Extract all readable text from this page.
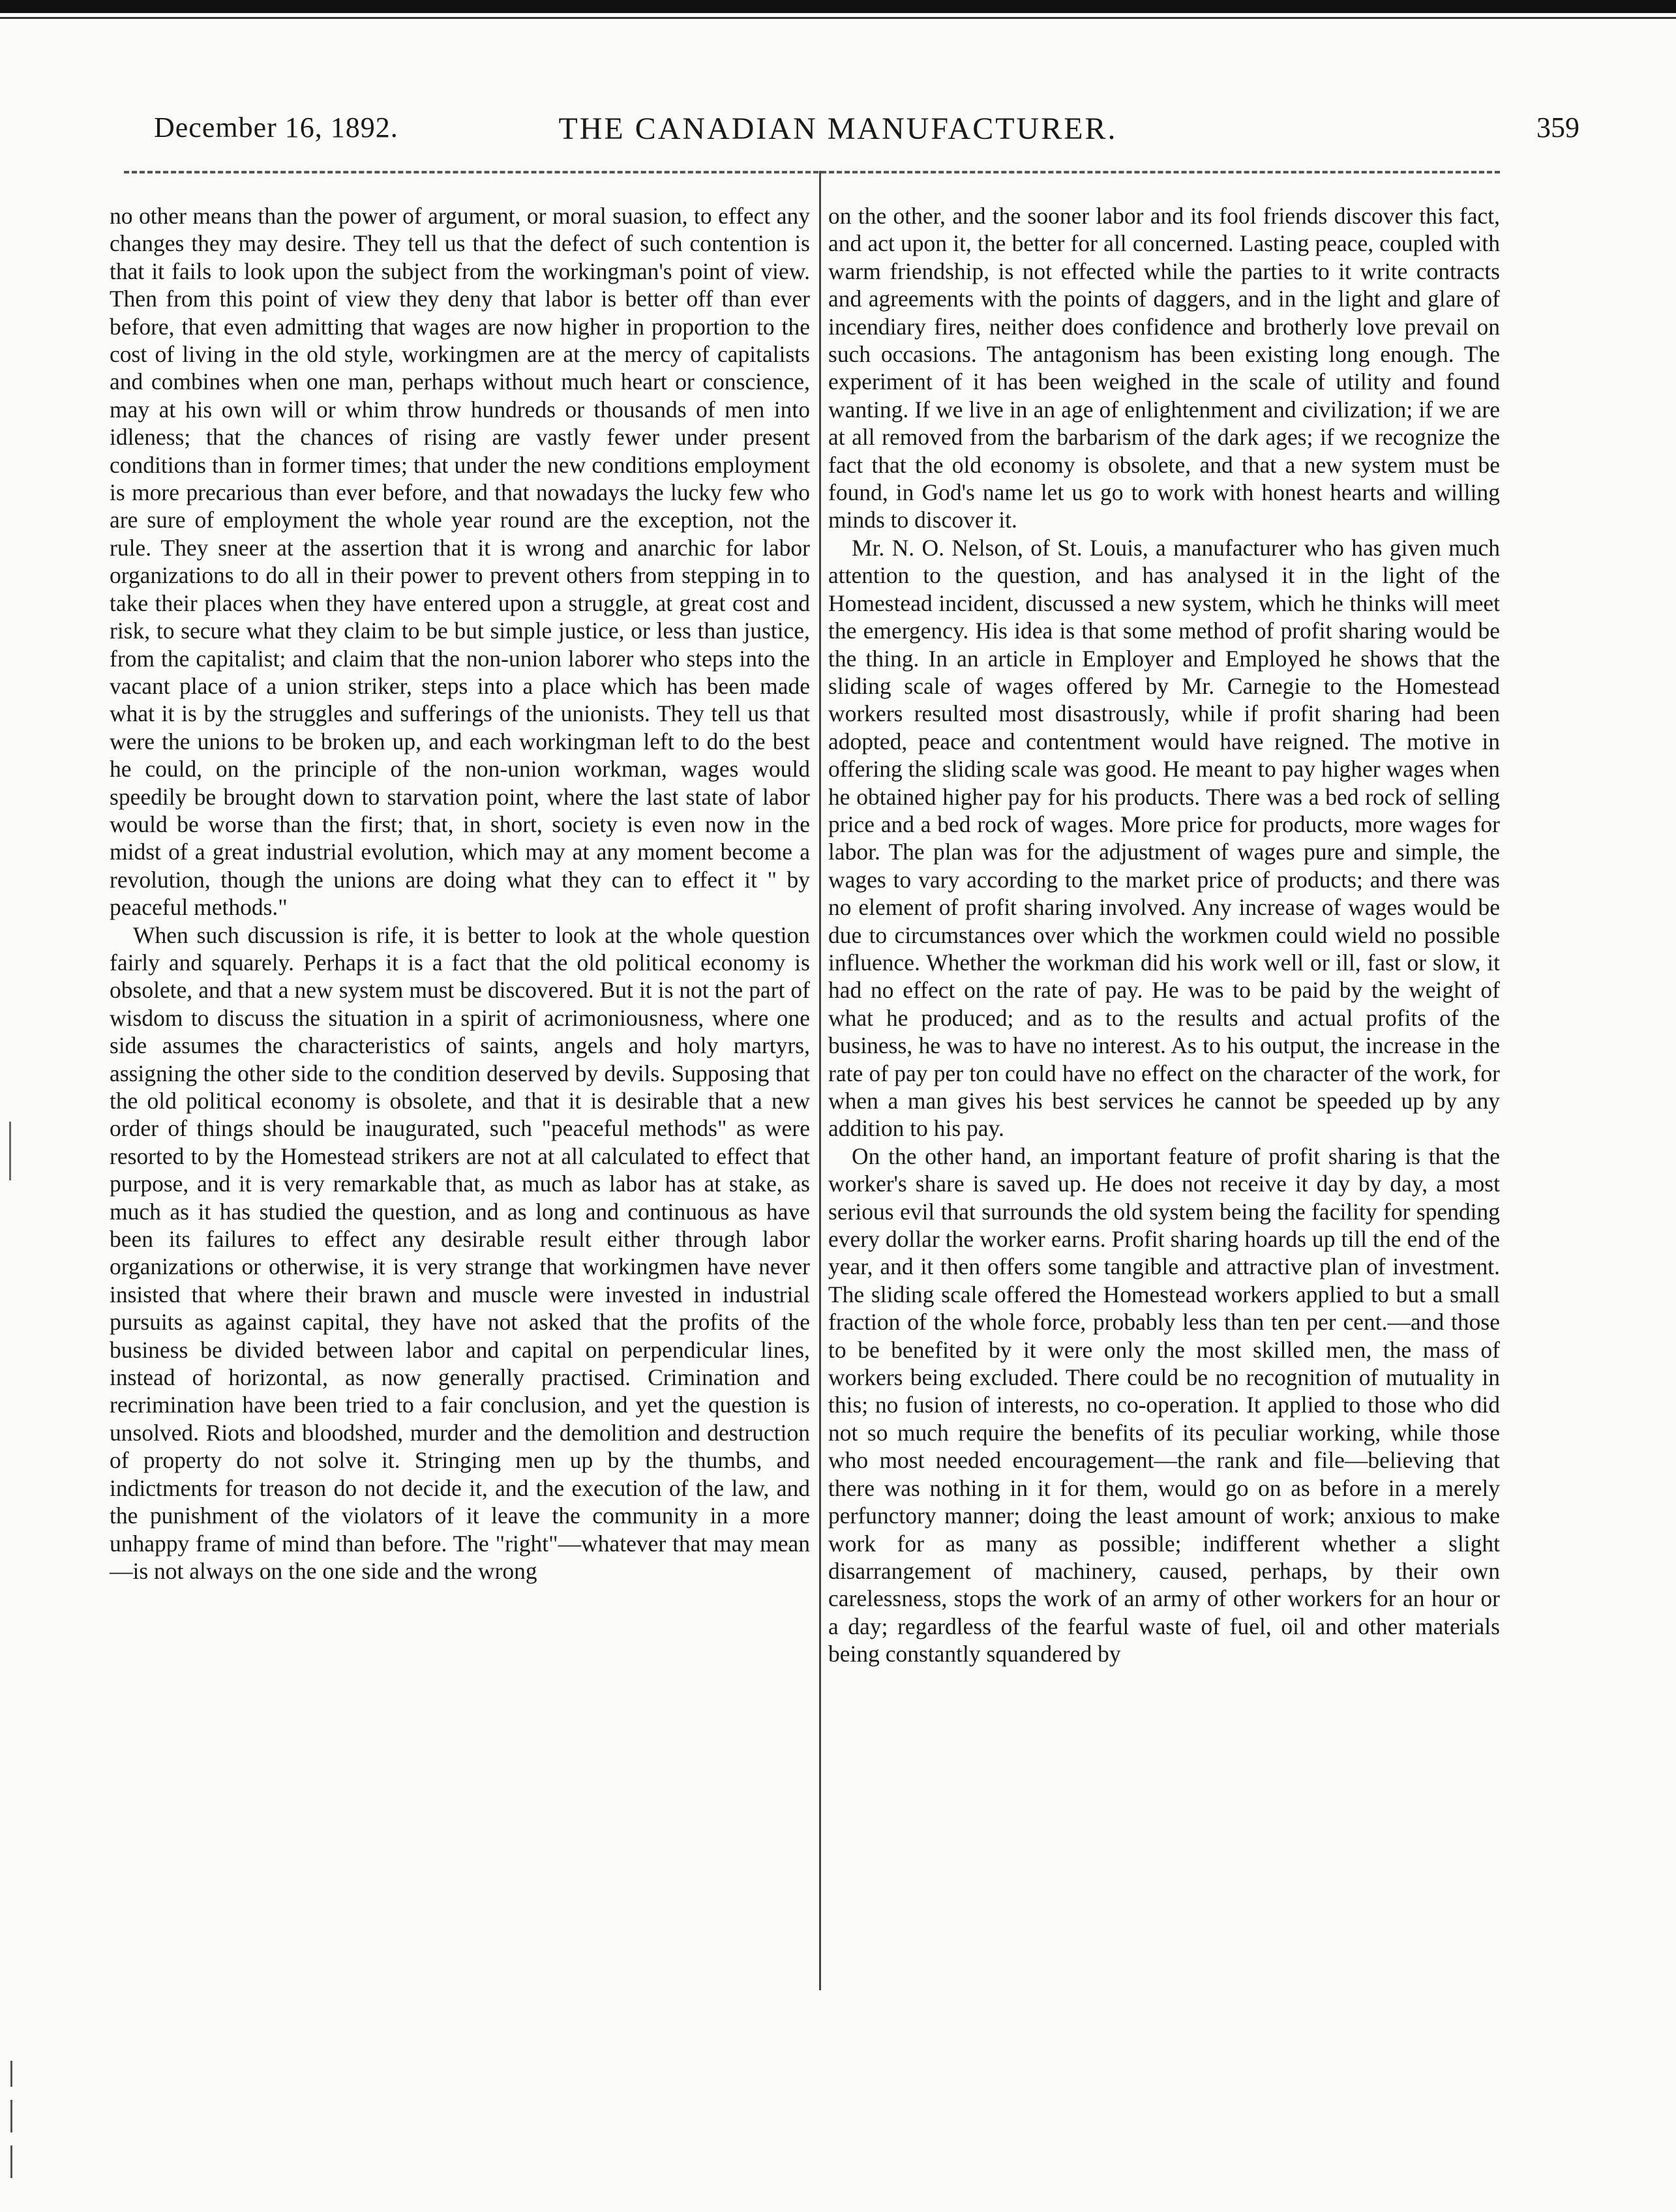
December 16, 1892.	THE CANADIAN MANUFACTURER.	359

no other means than the power of argument, or moral suasion, to effect any changes they may desire. They tell us that the defect of such contention is that it fails to look upon the subject from the workingman's point of view. Then from this point of view they deny that labor is better off than ever before, that even admitting that wages are now higher in proportion to the cost of living in the old style, workingmen are at the mercy of capitalists and combines when one man, perhaps without much heart or conscience, may at his own will or whim throw hundreds or thousands of men into idleness; that the chances of rising are vastly fewer under present conditions than in former times; that under the new conditions employment is more precarious than ever before, and that nowadays the lucky few who are sure of employment the whole year round are the exception, not the rule. They sneer at the assertion that it is wrong and anarchic for labor organizations to do all in their power to prevent others from stepping in to take their places when they have entered upon a struggle, at great cost and risk, to secure what they claim to be but simple justice, or less than justice, from the capitalist; and claim that the non-union laborer who steps into the vacant place of a union striker, steps into a place which has been made what it is by the struggles and sufferings of the unionists. They tell us that were the unions to be broken up, and each workingman left to do the best he could, on the principle of the non-union workman, wages would speedily be brought down to starvation point, where the last state of labor would be worse than the first; that, in short, society is even now in the midst of a great industrial evolution, which may at any moment become a revolution, though the unions are doing what they can to effect it " by peaceful methods."

When such discussion is rife, it is better to look at the whole question fairly and squarely. Perhaps it is a fact that the old political economy is obsolete, and that a new system must be discovered. But it is not the part of wisdom to discuss the situation in a spirit of acrimoniousness, where one side assumes the characteristics of saints, angels and holy martyrs, assigning the other side to the condition deserved by devils. Supposing that the old political economy is obsolete, and that it is desirable that a new order of things should be inaugurated, such "peaceful methods" as were resorted to by the Homestead strikers are not at all calculated to effect that purpose, and it is very remarkable that, as much as labor has at stake, as much as it has studied the question, and as long and continuous as have been its failures to effect any desirable result either through labor organizations or otherwise, it is very strange that workingmen have never insisted that where their brawn and muscle were invested in industrial pursuits as against capital, they have not asked that the profits of the business be divided between labor and capital on perpendicular lines, instead of horizontal, as now generally practised. Crimination and recrimination have been tried to a fair conclusion, and yet the question is unsolved. Riots and bloodshed, murder and the demolition and destruction of property do not solve it. Stringing men up by the thumbs, and indictments for treason do not decide it, and the execution of the law, and the punishment of the violators of it leave the community in a more unhappy frame of mind than before. The "right"—whatever that may mean—is not always on the one side and the wrong

on the other, and the sooner labor and its fool friends discover this fact, and act upon it, the better for all concerned. Lasting peace, coupled with warm friendship, is not effected while the parties to it write contracts and agreements with the points of daggers, and in the light and glare of incendiary fires, neither does confidence and brotherly love prevail on such occasions. The antagonism has been existing long enough. The experiment of it has been weighed in the scale of utility and found wanting. If we live in an age of enlightenment and civilization; if we are at all removed from the barbarism of the dark ages; if we recognize the fact that the old economy is obsolete, and that a new system must be found, in God's name let us go to work with honest hearts and willing minds to discover it.

Mr. N. O. Nelson, of St. Louis, a manufacturer who has given much attention to the question, and has analysed it in the light of the Homestead incident, discussed a new system, which he thinks will meet the emergency. His idea is that some method of profit sharing would be the thing. In an article in Employer and Employed he shows that the sliding scale of wages offered by Mr. Carnegie to the Homestead workers resulted most disastrously, while if profit sharing had been adopted, peace and contentment would have reigned. The motive in offering the sliding scale was good. He meant to pay higher wages when he obtained higher pay for his products. There was a bed rock of selling price and a bed rock of wages. More price for products, more wages for labor. The plan was for the adjustment of wages pure and simple, the wages to vary according to the market price of products; and there was no element of profit sharing involved. Any increase of wages would be due to circumstances over which the workmen could wield no possible influence. Whether the workman did his work well or ill, fast or slow, it had no effect on the rate of pay. He was to be paid by the weight of what he produced; and as to the results and actual profits of the business, he was to have no interest. As to his output, the increase in the rate of pay per ton could have no effect on the character of the work, for when a man gives his best services he cannot be speeded up by any addition to his pay.

On the other hand, an important feature of profit sharing is that the worker's share is saved up. He does not receive it day by day, a most serious evil that surrounds the old system being the facility for spending every dollar the worker earns. Profit sharing hoards up till the end of the year, and it then offers some tangible and attractive plan of investment. The sliding scale offered the Homestead workers applied to but a small fraction of the whole force, probably less than ten per cent.—and those to be benefited by it were only the most skilled men, the mass of workers being excluded. There could be no recognition of mutuality in this; no fusion of interests, no co-operation. It applied to those who did not so much require the benefits of its peculiar working, while those who most needed encouragement—the rank and file—believing that there was nothing in it for them, would go on as before in a merely perfunctory manner; doing the least amount of work; anxious to make work for as many as possible; indifferent whether a slight disarrangement of machinery, caused, perhaps, by their own carelessness, stops the work of an army of other workers for an hour or a day; regardless of the fearful waste of fuel, oil and other materials being constantly squandered by
